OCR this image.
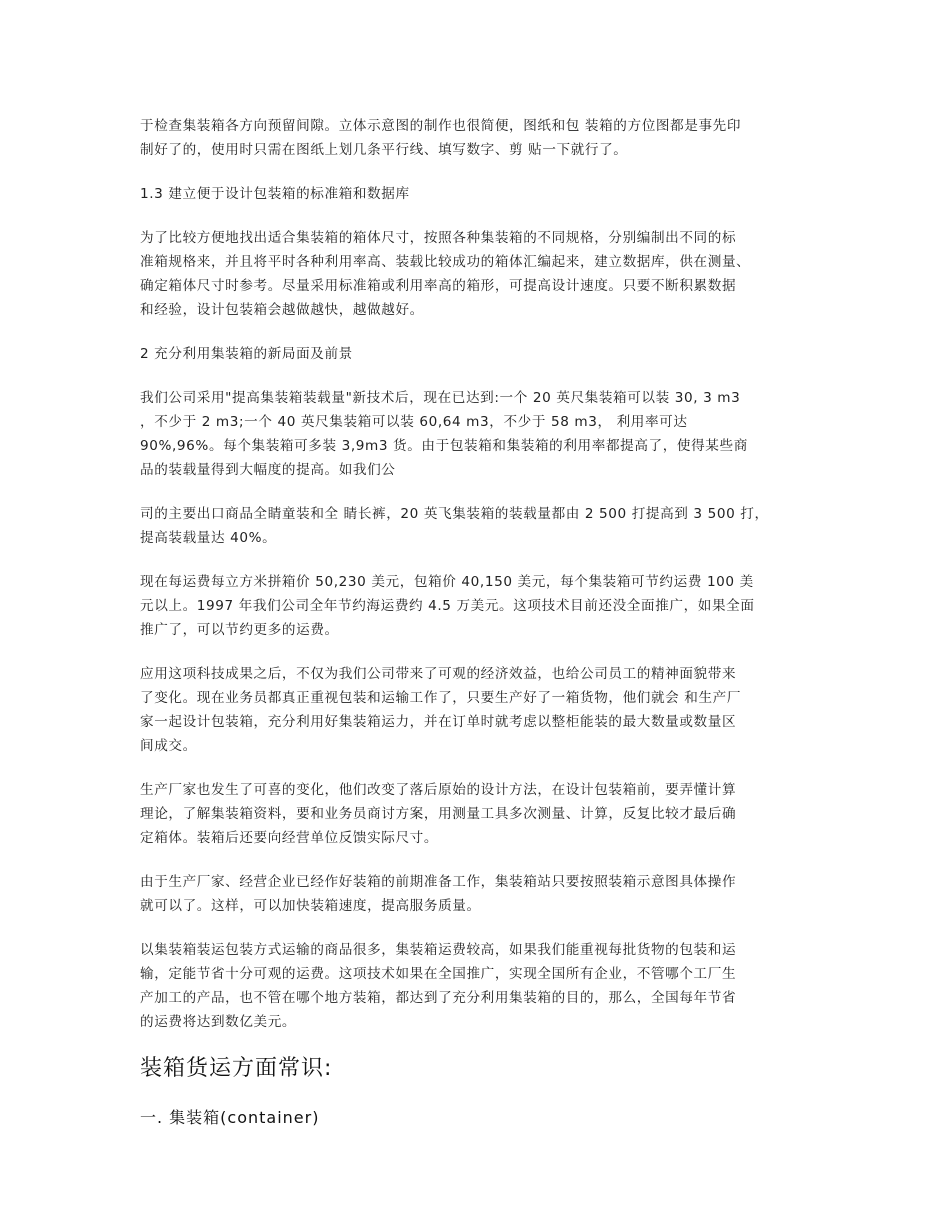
于检查集装箱各方向预留间隙。立体示意图的制作也很简便，图纸和包 装箱的方位图都是事先印
制好了的，使用时只需在图纸上划几条平行线、填写数字、剪 贴一下就行了。
1.3 建立便于设计包装箱的标准箱和数据库
为了比较方便地找出适合集装箱的箱体尺寸，按照各种集装箱的不同规格，分别编制出不同的标
准箱规格来，并且将平时各种利用率高、装载比较成功的箱体汇编起来，建立数据库，供在测量、
确定箱体尺寸时参考。尽量采用标准箱或利用率高的箱形，可提高设计速度。只要不断积累数据
和经验，设计包装箱会越做越快，越做越好。
2 充分利用集装箱的新局面及前景
我们公司采用"提高集装箱装载量"新技术后，现在已达到:一个 20 英尺集装箱可以装 30, 3 m3
，不少于 2 m3;一个 40 英尺集装箱可以装 60,64 m3，不少于 58 m3， 利用率可达
90%,96%。每个集装箱可多装 3,9m3 货。由于包装箱和集装箱的利用率都提高了，使得某些商
品的装载量得到大幅度的提高。如我们公
司的主要出口商品全睛童装和全 睛长裤，20 英飞集装箱的装载量都由 2 500 打提高到 3 500 打，
提高装载量达 40%。
现在每运费每立方米拼箱价 50,230 美元，包箱价 40,150 美元，每个集装箱可节约运费 100 美
元以上。1997 年我们公司全年节约海运费约 4.5 万美元。这项技术目前还没全面推广，如果全面
推广了，可以节约更多的运费。
应用这项科技成果之后，不仅为我们公司带来了可观的经济效益，也给公司员工的精神面貌带来
了变化。现在业务员都真正重视包装和运输工作了，只要生产好了一箱货物，他们就会 和生产厂
家一起设计包装箱，充分利用好集装箱运力，并在订单时就考虑以整柜能装的最大数量或数量区
间成交。
生产厂家也发生了可喜的变化，他们改变了落后原始的设计方法，在设计包装箱前，要弄懂计算
理论，了解集装箱资料，要和业务员商讨方案，用测量工具多次测量、计算，反复比较才最后确
定箱体。装箱后还要向经营单位反馈实际尺寸。
由于生产厂家、经营企业已经作好装箱的前期准备工作，集装箱站只要按照装箱示意图具体操作
就可以了。这样，可以加快装箱速度，提高服务质量。
以集装箱装运包装方式运输的商品很多，集装箱运费较高，如果我们能重视每批货物的包装和运
输，定能节省十分可观的运费。这项技术如果在全国推广，实现全国所有企业，不管哪个工厂生
产加工的产品，也不管在哪个地方装箱，都达到了充分利用集装箱的目的，那么，全国每年节省
的运费将达到数亿美元。
装箱货运方面常识:
一. 集装箱(container)
